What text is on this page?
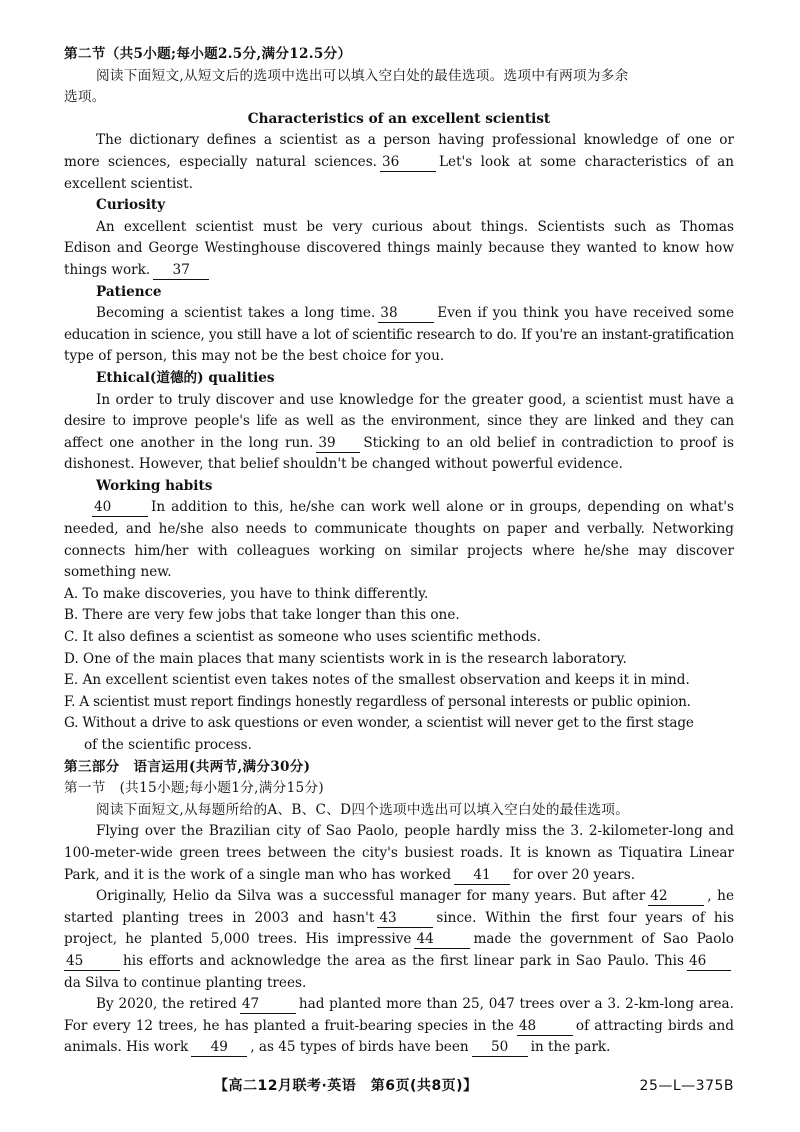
第二节（共5小题;每小题2.5分,满分12.5分）
阅读下面短文,从短文后的选项中选出可以填入空白处的最佳选项。选项中有两项为多余
选项。
Characteristics of an excellent scientist
The dictionary defines a scientist as a person having professional knowledge of one or
more sciences, especially natural sciences. 36	Let's look at some characteristics of an
excellent scientist.
Curiosity
An excellent scientist must be very curious about things. Scientists such as Thomas
Edison and George Westinghouse discovered things mainly because they wanted to know how
things work. 37
Patience
Becoming a scientist takes a long time. 38	Even if you think you have received some
education in science, you still have a lot of scientific research to do. If you're an instant-gratification
type of person, this may not be the best choice for you.
Ethical(道德的) qualities
In order to truly discover and use knowledge for the greater good, a scientist must have a
desire to improve people's life as well as the environment, since they are linked and they can
affect one another in the long run. 39 Sticking to an old belief in contradiction to proof is
dishonest. However, that belief shouldn't be changed without powerful evidence.
Working habits
40	In addition to this, he/she can work well alone or in groups, depending on what's
needed, and he/she also needs to communicate thoughts on paper and verbally. Networking
connects him/her with colleagues working on similar projects where he/she may discover
something new.
A. To make discoveries, you have to think differently.
B. There are very few jobs that take longer than this one.
C. It also defines a scientist as someone who uses scientific methods.
D. One of the main places that many scientists work in is the research laboratory.
E. An excellent scientist even takes notes of the smallest observation and keeps it in mind.
F. A scientist must report findings honestly regardless of personal interests or public opinion.
G. Without a drive to ask questions or even wonder, a scientist will never get to the first stage
of the scientific process.
第三部分　语言运用(共两节,满分30分)
第一节　(共15小题;每小题1分,满分15分)
阅读下面短文,从每题所给的A、B、C、D四个选项中选出可以填入空白处的最佳选项。
Flying over the Brazilian city of Sao Paolo, people hardly miss the 3. 2-kilometer-long and
100-meter-wide green trees between the city's busiest roads. It is known as Tiquatira Linear
Park, and it is the work of a single man who has worked 41 for over 20 years.
Originally, Helio da Silva was a successful manager for many years. But after 42	, he
started planting trees in 2003 and hasn't 43	since. Within the first four years of his
project, he planted 5,000 trees. His impressive 44	made the government of Sao Paolo
45	his efforts and acknowledge the area as the first linear park in Sao Paulo. This 46
da Silva to continue planting trees.
By 2020, the retired 47	had planted more than 25, 047 trees over a 3. 2-km-long area.
For every 12 trees, he has planted a fruit-bearing species in the 48	of attracting birds and
animals. His work 49 , as 45 types of birds have been 50 in the park.
【高二12月联考·英语　第6页(共8页)】	25—L—375B
